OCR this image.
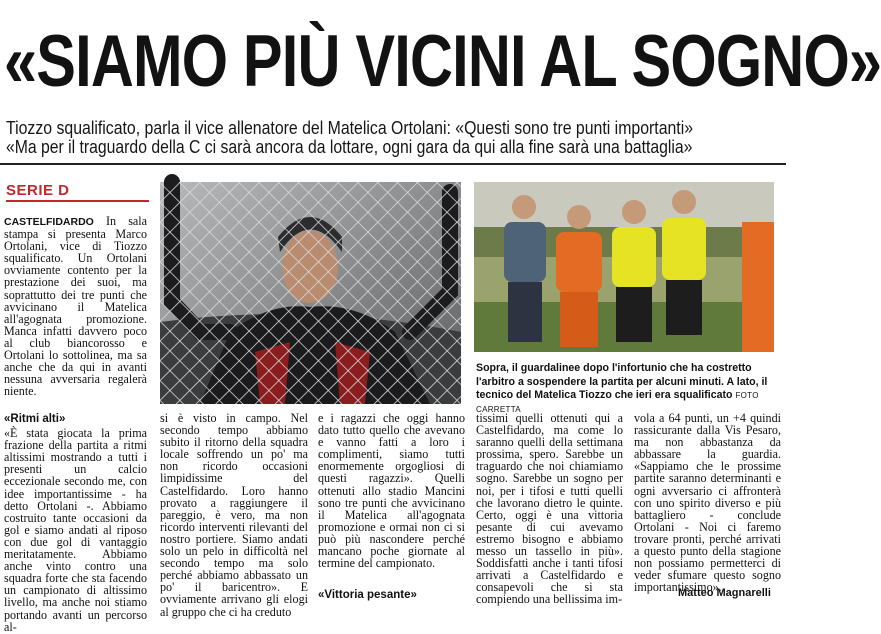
«SIAMO PIÙ VICINI AL SOGNO»
Tiozzo squalificato, parla il vice allenatore del Matelica Ortolani: «Questi sono tre punti importanti»
«Ma per il traguardo della C ci sarà ancora da lottare, ogni gara da qui alla fine sarà una battaglia»
SERIE D

CASTELFIDARDO In sala stampa si presenta Marco Ortolani, vice di Tiozzo squalificato. Un Ortolani ovviamente contento per la prestazione dei suoi, ma soprattutto dei tre punti che avvicinano il Matelica all'agognata promozione. Manca infatti davvero poco al club biancorosso e Ortolani lo sottolinea, ma sa anche che da qui in avanti nessuna avversaria regalerà niente.

«Ritmi alti»

«È stata giocata la prima frazione della partita a ritmi altissimi mostrando a tutti i presenti un calcio eccezionale secondo me, con idee importantissime - ha detto Ortolani -. Abbiamo costruito tante occasioni da gol e siamo andati al riposo con due gol di vantaggio meritatamente. Abbiamo anche vinto contro una squadra forte che sta facendo un campionato di altissimo livello, ma anche noi stiamo portando avanti un percorso al-

Sopra, il guardalinee dopo l'infortunio che ha costretto l'arbitro a sospendere la partita per alcuni minuti. A lato, il tecnico del Matelica Tiozzo che ieri era squalificato FOTO CARRETTA

si è visto in campo. Nel secondo tempo abbiamo subito il ritorno della squadra locale soffrendo un po' ma non ricordo occasioni limpidissime del Castelfidardo. Loro hanno provato a raggiungere il pareggio, è vero, ma non ricordo interventi rilevanti del nostro portiere. Siamo andati solo un pelo in difficoltà nel secondo tempo ma solo perché abbiamo abbassato un po' il baricentro». E ovviamente arrivano gli elogi al gruppo che ci ha creduto

e i ragazzi che oggi hanno dato tutto quello che avevano e vanno fatti a loro i complimenti, siamo tutti enormemente orgogliosi di questi ragazzi». Quelli ottenuti allo stadio Mancini sono tre punti che avvicinano il Matelica all'agognata promozione e ormai non ci si può più nascondere perché mancano poche giornate al termine del campionato.

«Vittoria pesante»

tissimi quelli ottenuti qui a Castelfidardo, ma come lo saranno quelli della settimana prossima, spero. Sarebbe un traguardo che noi chiamiamo sogno. Sarebbe un sogno per noi, per i tifosi e tutti quelli che lavorano dietro le quinte. Certo, oggi è una vittoria pesante di cui avevamo estremo bisogno e abbiamo messo un tassello in più». Soddisfatti anche i tanti tifosi arrivati a Castelfidardo e consapevoli che si sta compiendo una bellissima im-

vola a 64 punti, un +4 quindi rassicurante dalla Vis Pesaro, ma non abbastanza da abbassare la guardia. «Sappiamo che le prossime partite saranno determinanti e ogni avversario ci affronterà con uno spirito diverso e più battagliero - conclude Ortolani - Noi ci faremo trovare pronti, perché arrivati a questo punto della stagione non possiamo permetterci di veder sfumare questo sogno importantissimo».

Matteo Magnarelli
